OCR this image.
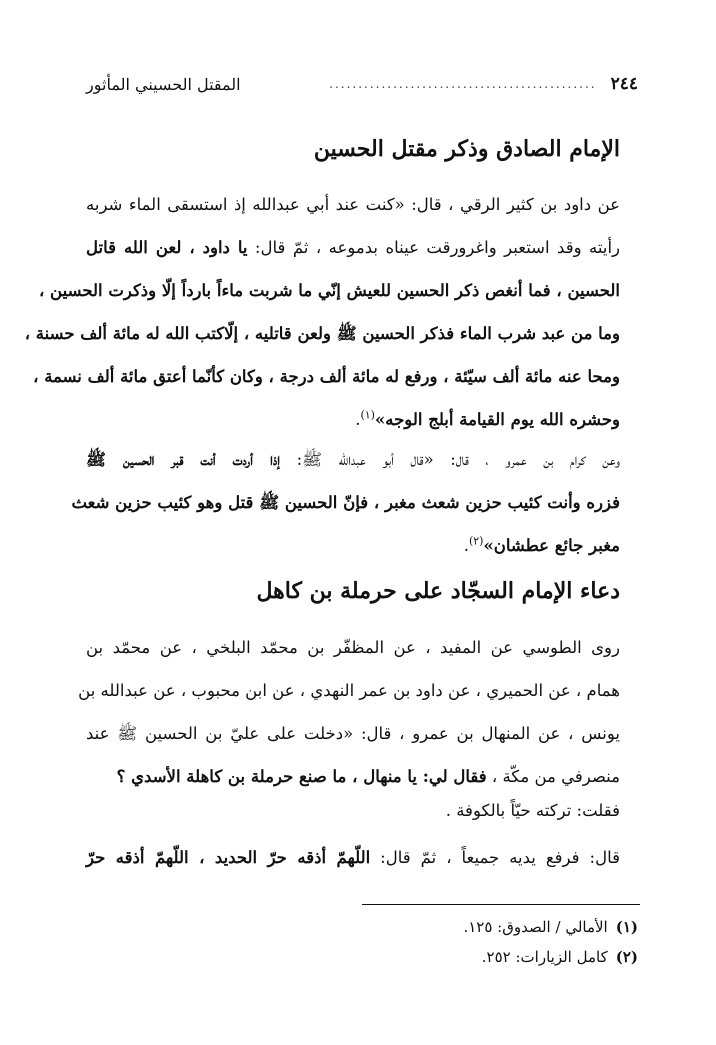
٢٤٤
..............................................
المقتل الحسيني المأثور
الإمام الصادق وذكر مقتل الحسين
عن داود بن كثير الرقي ، قال: «كنت عند أبي عبدالله إذ استسقى الماء شربه
رأيته وقد استعبر واغرورقت عيناه بدموعه ، ثمّ قال: يا داود ، لعن الله قاتل
الحسين ، فما أنغص ذكر الحسين للعيش إنّي ما شربت ماءاً بارداً إلّا وذكرت الحسين ،
وما من عبد شرب الماء فذكر الحسين ﷺ ولعن قاتليه ، إلّاكتب الله له مائة ألف حسنة ،
ومحا عنه مائة ألف سيّئة ، ورفع له مائة ألف درجة ، وكان كأنّما أعتق مائة ألف نسمة ،
وحشره الله يوم القيامة أبلج الوجه»$^{(١)}$.
وعن كرام بن عمرو ، قال: «قال أبو عبدالله ﷺ: إذا أردت أنت قبر الحسين ﷺ
فزره وأنت كئيب حزين شعث مغبر ، فإنّ الحسين ﷺ قتل وهو كئيب حزين شعث
مغبر جائع عطشان»$^{(٢)}$.
دعاء الإمام السجّاد على حرملة بن كاهل
روى الطوسي عن المفيد ، عن المظفّر بن محمّد البلخي ، عن محمّد بن
همام ، عن الحميري ، عن داود بن عمر النهدي ، عن ابن محبوب ، عن عبدالله بن
يونس ، عن المنهال بن عمرو ، قال: «دخلت على عليّ بن الحسين ﷺ عند
منصرفي من مكّة ، فقال لي: يا منهال ، ما صنع حرملة بن كاهلة الأسدي ؟
فقلت: تركته حيّاً بالكوفة .
قال: فرفع يديه جميعاً ، ثمّ قال: اللّهمّ أذقه حرّ الحديد ، اللّهمّ أذقه حرّ
(١)الأمالي / الصدوق: ١٢٥.
(٢)كامل الزيارات: ٢٥٢.
